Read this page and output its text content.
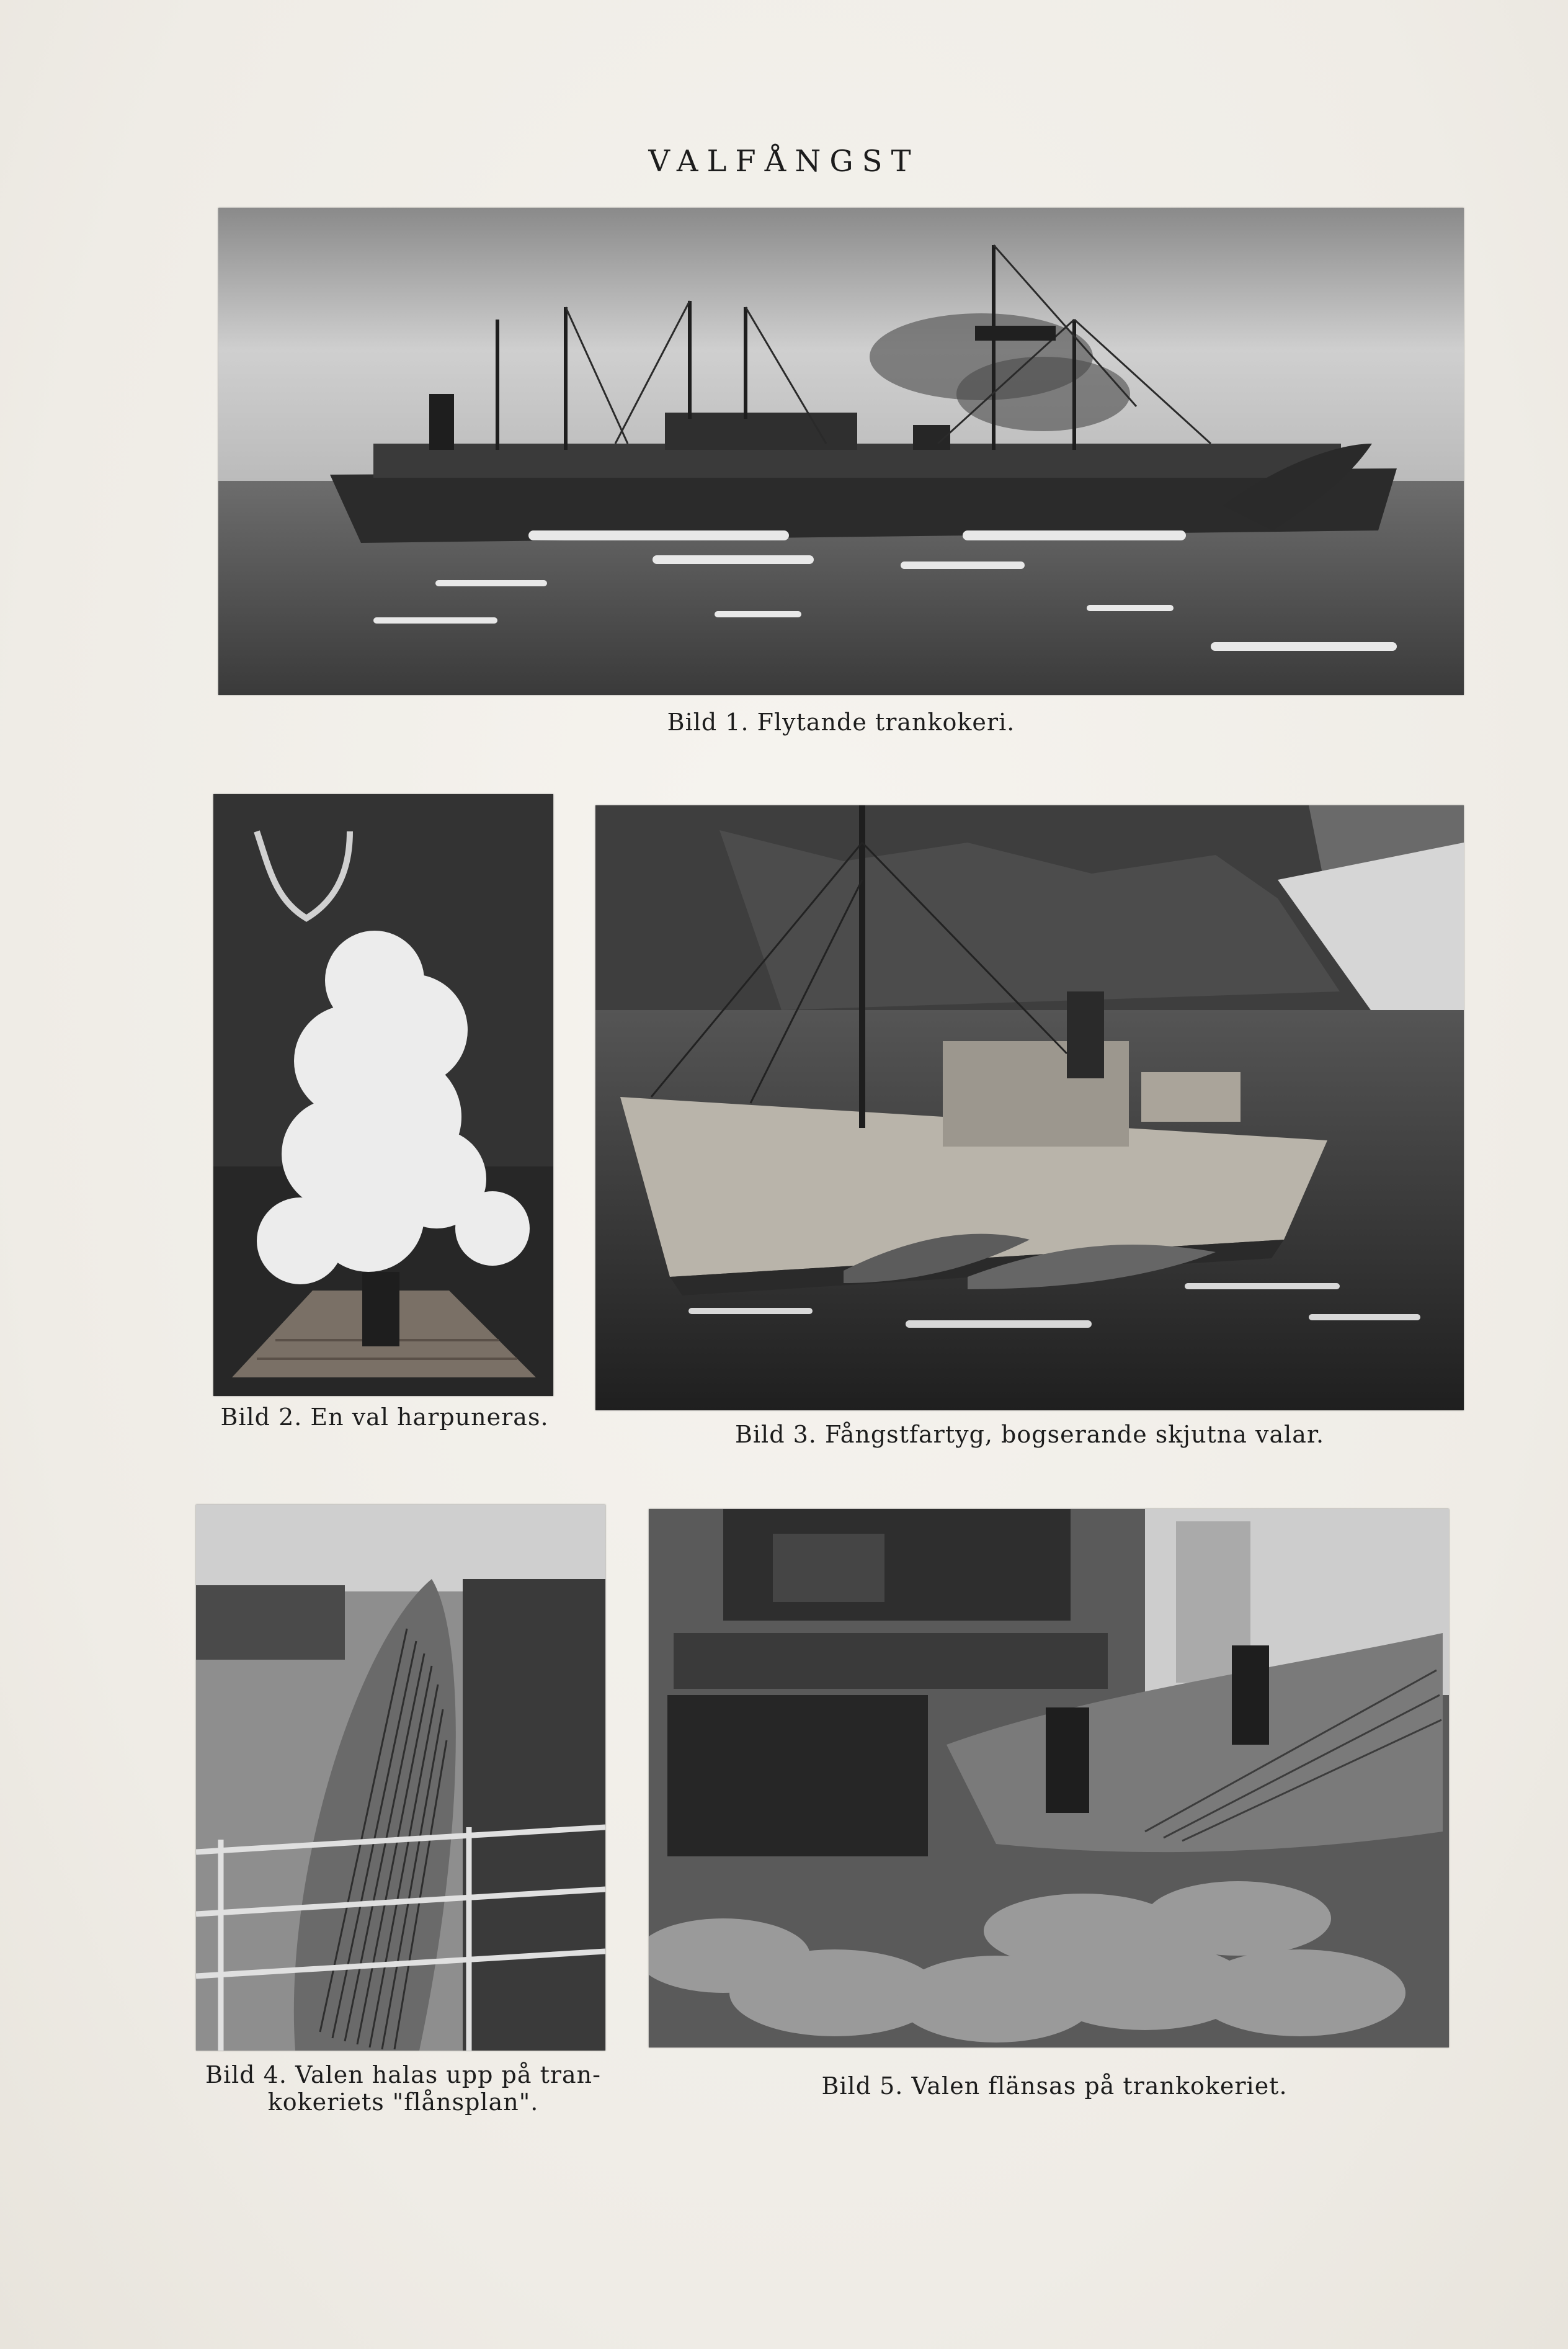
VALFÅNGST
Bild 1. Flytande trankokeri.
Bild 2. En val harpuneras.
Bild 3. Fångstfartyg, bogserande skjutna valar.
Bild 4. Valen halas upp på tran-
kokeriets "flånsplan".
Bild 5. Valen flänsas på trankokeriet.
